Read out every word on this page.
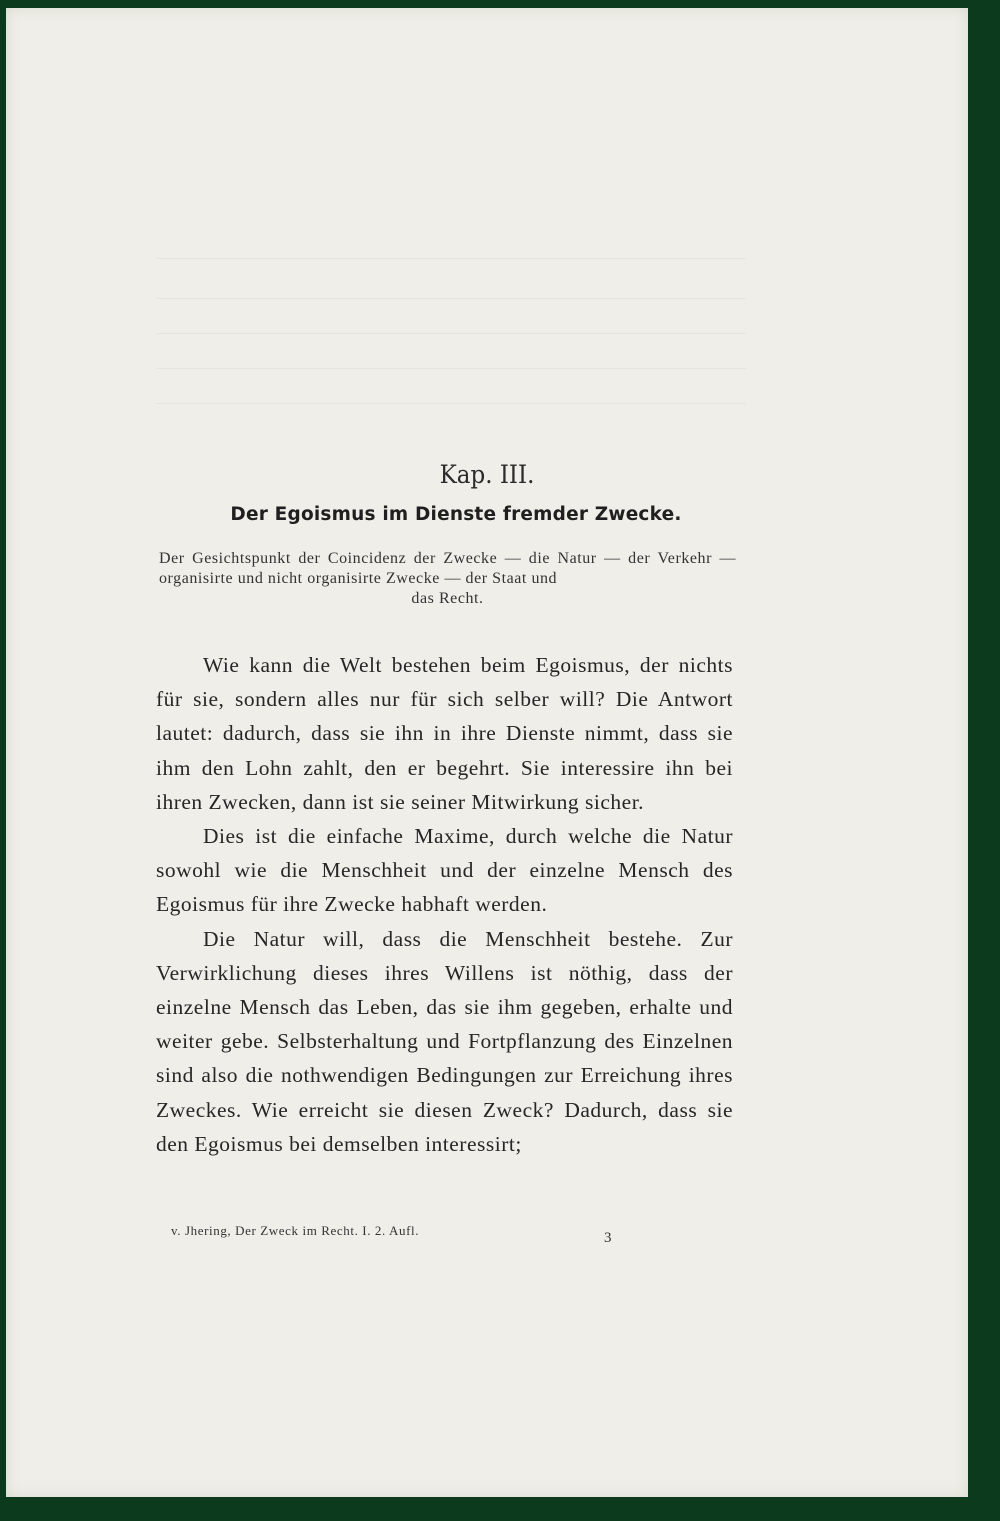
Kap. III.
Der Egoismus im Dienste fremder Zwecke.
Der Gesichtspunkt der Coincidenz der Zwecke — die Natur — der Verkehr — organisirte und nicht organisirte Zwecke — der Staat und
das Recht.

Wie kann die Welt bestehen beim Egoismus, der nichts für sie, sondern alles nur für sich selber will? Die Antwort lautet: dadurch, dass sie ihn in ihre Dienste nimmt, dass sie ihm den Lohn zahlt, den er begehrt. Sie interessire ihn bei ihren Zwecken, dann ist sie seiner Mitwirkung sicher.

Dies ist die einfache Maxime, durch welche die Natur sowohl wie die Menschheit und der einzelne Mensch des Egoismus für ihre Zwecke habhaft werden.

Die Natur will, dass die Menschheit bestehe. Zur Verwirklichung dieses ihres Willens ist nöthig, dass der einzelne Mensch das Leben, das sie ihm gegeben, erhalte und weiter gebe. Selbsterhaltung und Fortpflanzung des Einzelnen sind also die nothwendigen Bedingungen zur Erreichung ihres Zweckes. Wie erreicht sie diesen Zweck? Dadurch, dass sie den Egoismus bei demselben interessirt;

v. Jhering, Der Zweck im Recht. I. 2. Aufl.	3
